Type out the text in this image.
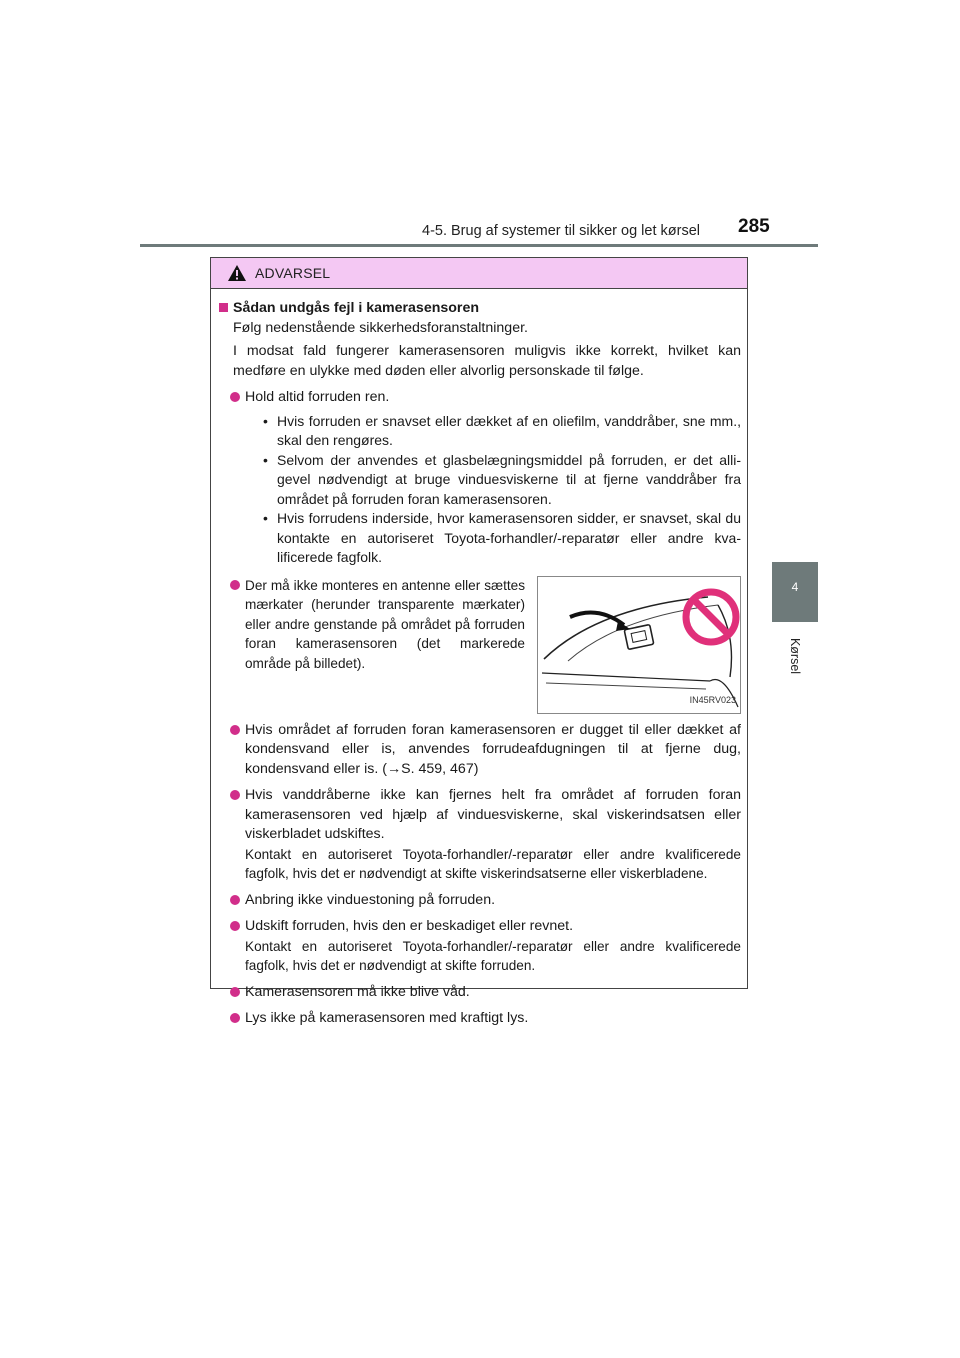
4-5. Brug af systemer til sikker og let kørsel 285
4
Kørsel
ADVARSEL
Sådan undgås fejl i kamerasensoren

Følg nedenstående sikkerhedsforanstaltninger.

I modsat fald fungerer kamerasensoren muligvis ikke korrekt, hvilket kan medføre en ulykke med døden eller alvorlig personskade til følge.

Hold altid forruden ren.
• Hvis forruden er snavset eller dækket af en oliefilm, vanddråber, sne mm., skal den rengøres.
• Selvom der anvendes et glasbelægningsmiddel på forruden, er det alligevel nødvendigt at bruge vinduesviskerne til at fjerne vanddråber fra området på forruden foran kamerasensoren.
• Hvis forrudens inderside, hvor kamerasensoren sidder, er snavset, skal du kontakte en autoriseret Toyota-forhandler/-reparatør eller andre kvalificerede fagfolk.
Der må ikke monteres en antenne eller sættes mærkater (herunder transparente mærkater) eller andre genstande på området på forruden foran kamerasensoren (det markerede område på billedet).
IN45RV023
Hvis området af forruden foran kamerasensoren er dugget til eller dækket af kondensvand eller is, anvendes forrudeafdugningen til at fjerne dug, kondensvand eller is. (→S. 459, 467)
Hvis vanddråberne ikke kan fjernes helt fra området af forruden foran kamerasensoren ved hjælp af vinduesviskerne, skal viskerindsatsen eller viskerbladet udskiftes.
Kontakt en autoriseret Toyota-forhandler/-reparatør eller andre kvalificerede fagfolk, hvis det er nødvendigt at skifte viskerindsatserne eller viskerbladene.
Anbring ikke vinduestoning på forruden.
Udskift forruden, hvis den er beskadiget eller revnet.
Kontakt en autoriseret Toyota-forhandler/-reparatør eller andre kvalificerede fagfolk, hvis det er nødvendigt at skifte forruden.
Kamerasensoren må ikke blive våd.
Lys ikke på kamerasensoren med kraftigt lys.
